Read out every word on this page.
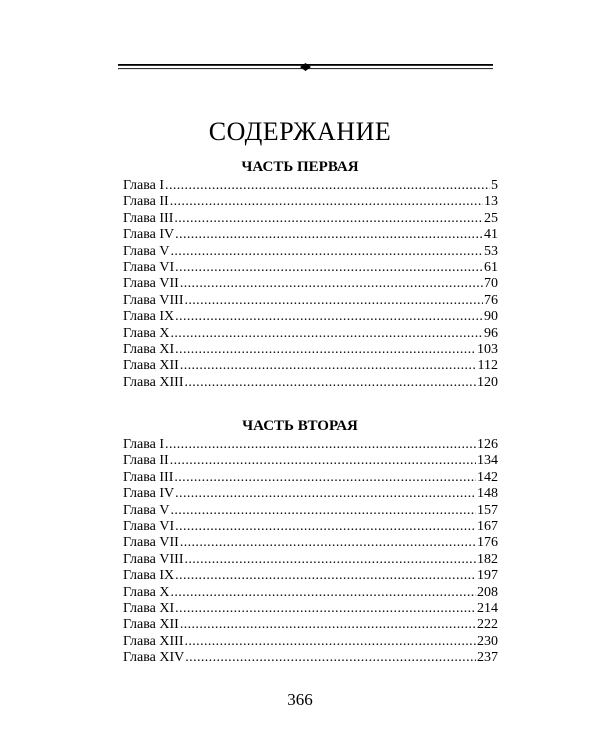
СОДЕРЖАНИЕ
ЧАСТЬ ПЕРВАЯ
Глава I .....	5
Глава II .....	13
Глава III .....	25
Глава IV .....	41
Глава V .....	53
Глава VI .....	61
Глава VII .....	70
Глава VIII .....	76
Глава IX .....	90
Глава X .....	96
Глава XI .....	103
Глава XII .....	112
Глава XIII .....	120
ЧАСТЬ ВТОРАЯ
Глава I .....	126
Глава II .....	134
Глава III .....	142
Глава IV .....	148
Глава V .....	157
Глава VI .....	167
Глава VII .....	176
Глава VIII .....	182
Глава IX .....	197
Глава X .....	208
Глава XI .....	214
Глава XII .....	222
Глава XIII .....	230
Глава XIV .....	237
366
